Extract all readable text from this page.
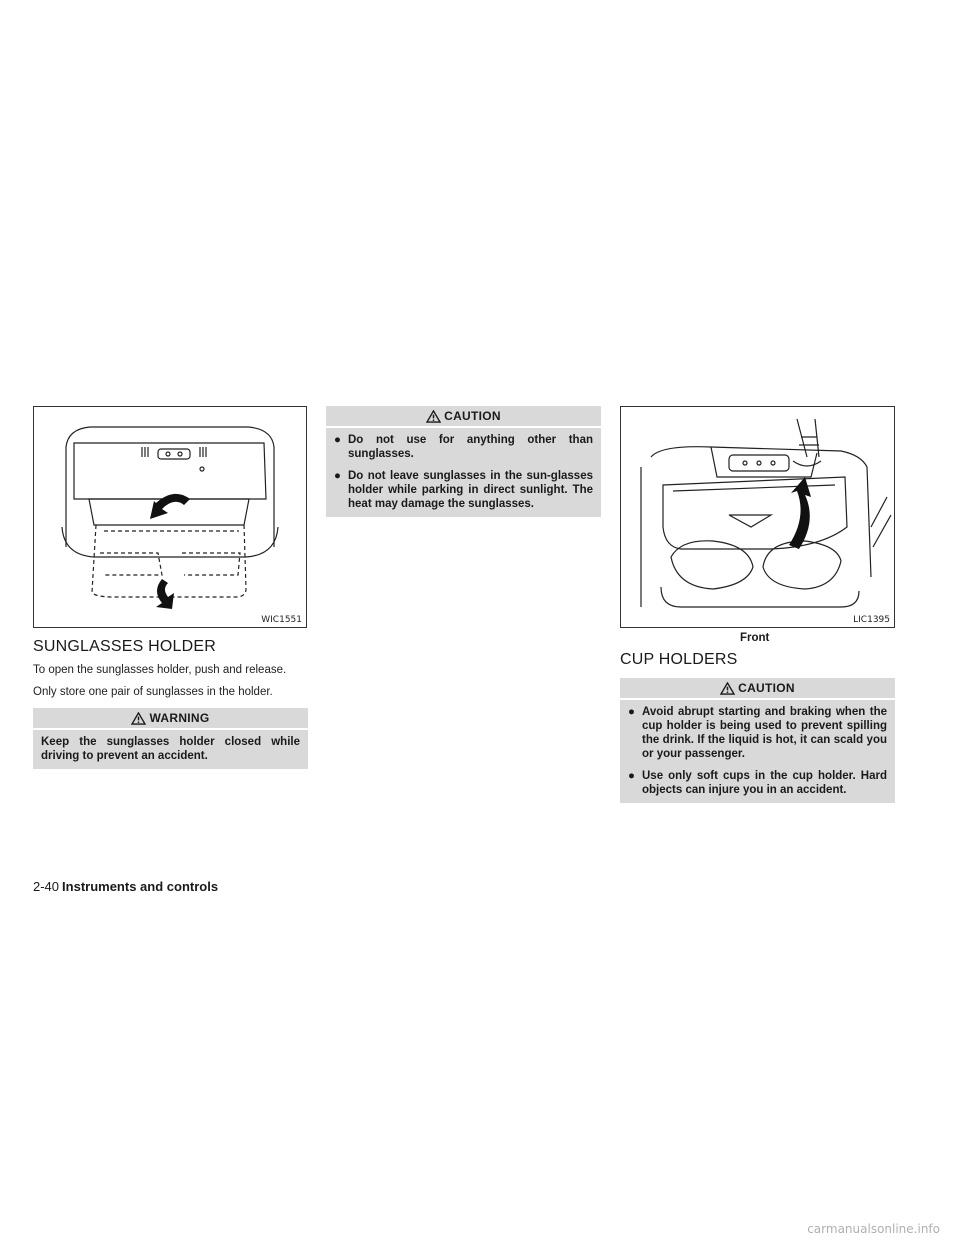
WIC1551
SUNGLASSES HOLDER

To open the sunglasses holder, push and release.

Only store one pair of sunglasses in the holder.

WARNING
Keep the sunglasses holder closed while driving to prevent an accident.
CAUTION
● Do not use for anything other than sunglasses.
● Do not leave sunglasses in the sun-glasses holder while parking in direct sunlight. The heat may damage the sunglasses.
LIC1395
Front
CUP HOLDERS
CAUTION
● Avoid abrupt starting and braking when the cup holder is being used to prevent spilling the drink. If the liquid is hot, it can scald you or your passenger.
● Use only soft cups in the cup holder. Hard objects can injure you in an accident.
2-40 Instruments and controls
carmanualsonline.info
